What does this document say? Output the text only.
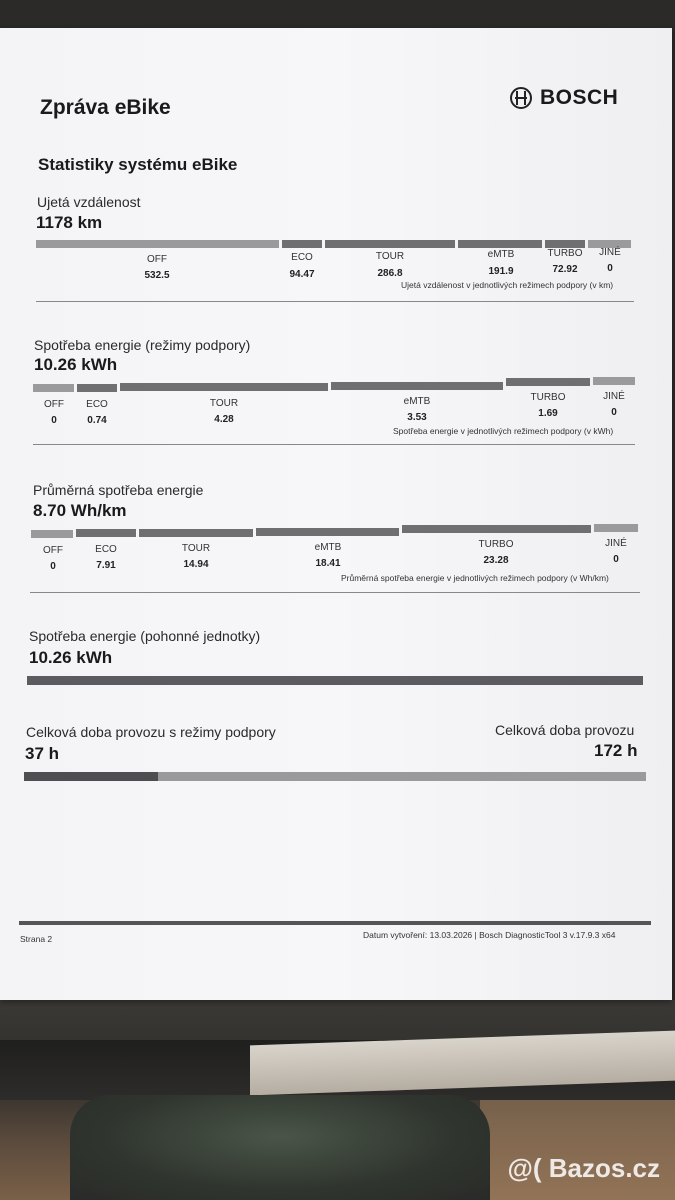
Zpráva eBike	BOSCH
Statistiky systému eBike
Ujetá vzdálenost
1178 km
OFF	ECO	TOUR	eMTB	TURBO	JINÉ
532.5	94.47	286.8	191.9	72.92	0
Ujetá vzdálenost v jednotlivých režimech podpory (v km)
Spotřeba energie (režimy podpory)
10.26 kWh
OFF	ECO	TOUR	eMTB	TURBO	JINÉ
0	0.74	4.28	3.53	1.69	0
Spotřeba energie v jednotlivých režimech podpory (v kWh)
Průměrná spotřeba energie
8.70 Wh/km
OFF	ECO	TOUR	eMTB	TURBO	JINÉ
0	7.91	14.94	18.41	23.28	0
Průměrná spotřeba energie v jednotlivých režimech podpory (v Wh/km)
Spotřeba energie (pohonné jednotky)
10.26 kWh
Celková doba provozu s režimy podpory
37 h
Celková doba provozu
172 h
Strana 2	Datum vytvoření: 13.03.2026 | Bosch DiagnosticTool 3 v.17.9.3 x64
@( Bazos.cz
